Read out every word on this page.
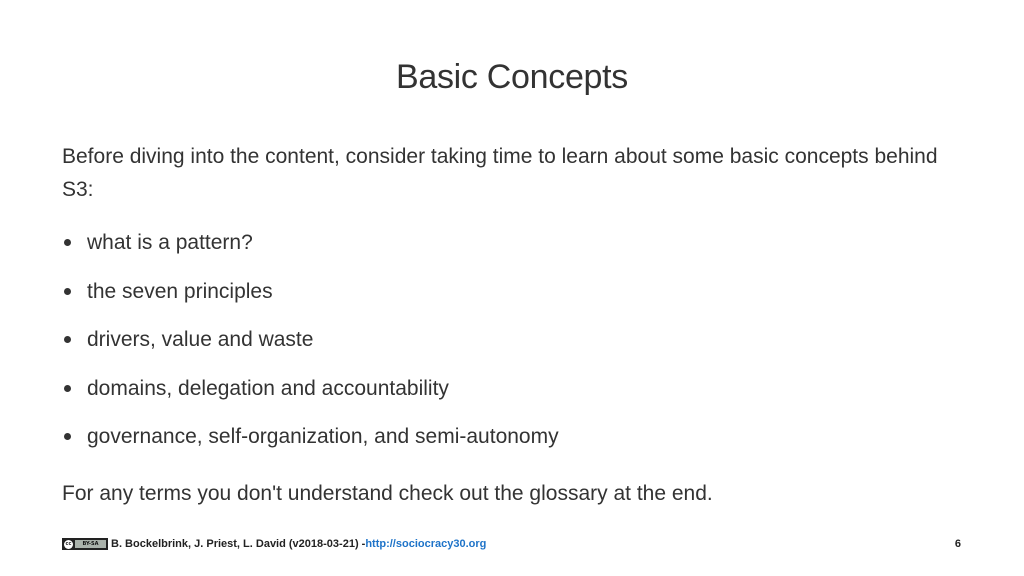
Basic Concepts
Before diving into the content, consider taking time to learn about some basic concepts behind S3:
what is a pattern?
the seven principles
drivers, value and waste
domains, delegation and accountability
governance, self-organization, and semi-autonomy
For any terms you don't understand check out the glossary at the end.
cc	BY-SA	B. Bockelbrink, J. Priest, L. David (v2018-03-21) - http://sociocracy30.org	6
